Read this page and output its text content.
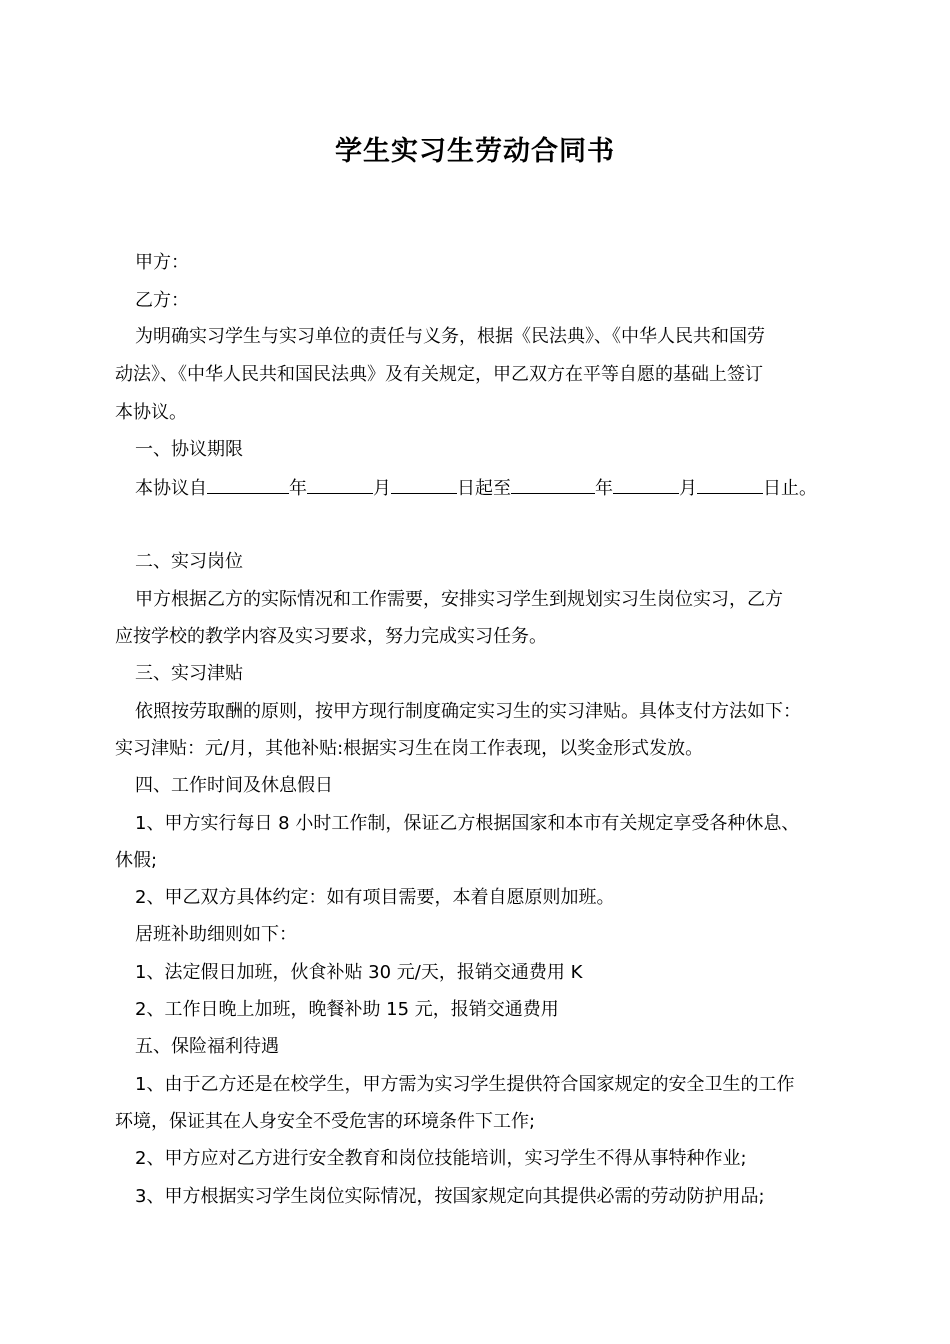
学生实习生劳动合同书
甲方：
乙方：
为明确实习学生与实习单位的责任与义务，根据《民法典》、《中华人民共和国劳
动法》、《中华人民共和国民法典》及有关规定，甲乙双方在平等自愿的基础上签订
本协议。
一、协议期限
本协议自	年	月	日起至	年	月	日止。
二、实习岗位
甲方根据乙方的实际情况和工作需要，安排实习学生到规划实习生岗位实习，乙方
应按学校的教学内容及实习要求，努力完成实习任务。
三、实习津贴
依照按劳取酬的原则，按甲方现行制度确定实习生的实习津贴。具体支付方法如下：
实习津贴：元/月，其他补贴:根据实习生在岗工作表现，以奖金形式发放。
四、工作时间及休息假日
1、甲方实行每日 8 小时工作制，保证乙方根据国家和本市有关规定享受各种休息、
休假;
2、甲乙双方具体约定：如有项目需要，本着自愿原则加班。
居班补助细则如下：
1、法定假日加班，伙食补贴 30 元/天，报销交通费用 K
2、工作日晚上加班，晚餐补助 15 元，报销交通费用
五、保险福利待遇
1、由于乙方还是在校学生，甲方需为实习学生提供符合国家规定的安全卫生的工作
环境，保证其在人身安全不受危害的环境条件下工作;
2、甲方应对乙方进行安全教育和岗位技能培训，实习学生不得从事特种作业;
3、甲方根据实习学生岗位实际情况，按国家规定向其提供必需的劳动防护用品;
